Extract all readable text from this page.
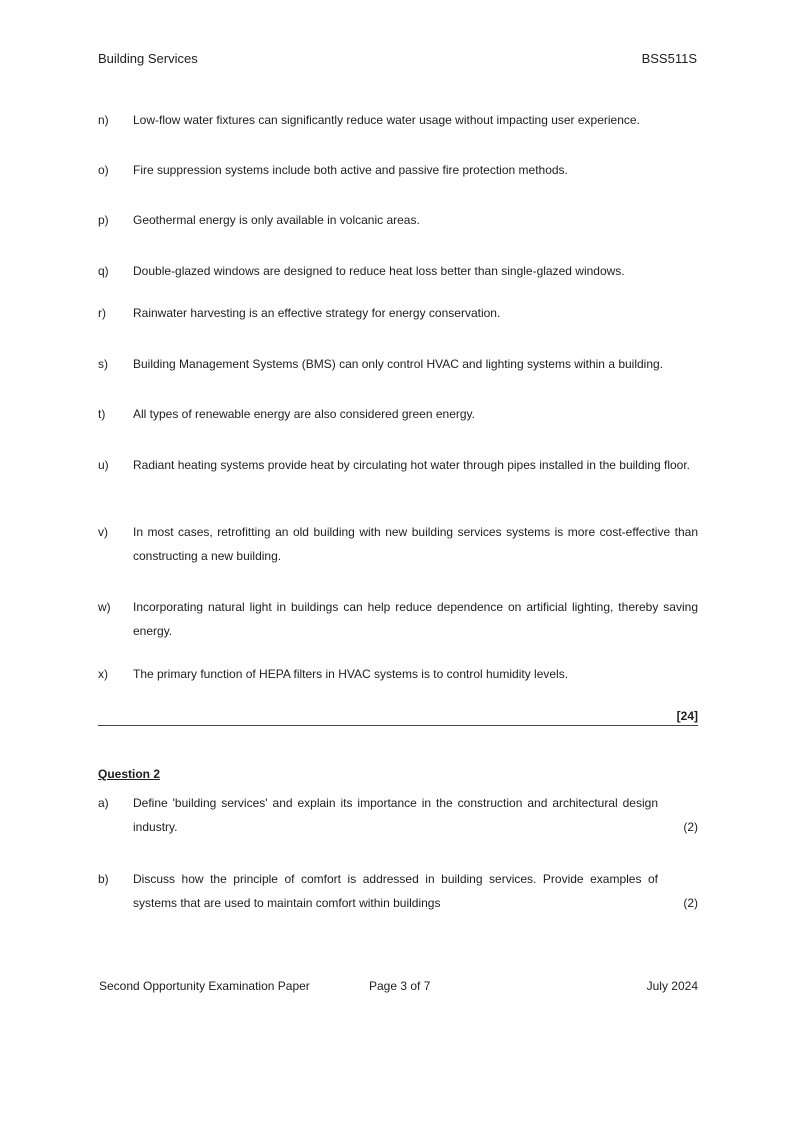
Building Services	BSS511S
n)	Low-flow water fixtures can significantly reduce water usage without impacting user experience.
o)	Fire suppression systems include both active and passive fire protection methods.
p)	Geothermal energy is only available in volcanic areas.
q)	Double-glazed windows are designed to reduce heat loss better than single-glazed windows.
r)	Rainwater harvesting is an effective strategy for energy conservation.
s)	Building Management Systems (BMS) can only control HVAC and lighting systems within a building.
t)	All types of renewable energy are also considered green energy.
u)	Radiant heating systems provide heat by circulating hot water through pipes installed in the building floor.
v)	In most cases, retrofitting an old building with new building services systems is more cost-effective than constructing a new building.
w)	Incorporating natural light in buildings can help reduce dependence on artificial lighting, thereby saving energy.
x)	The primary function of HEPA filters in HVAC systems is to control humidity levels.
[24]
Question 2
a)	Define 'building services' and explain its importance in the construction and architectural design industry.	(2)
b)	Discuss how the principle of comfort is addressed in building services. Provide examples of systems that are used to maintain comfort within buildings	(2)
Second Opportunity Examination Paper	Page 3 of 7	July 2024
